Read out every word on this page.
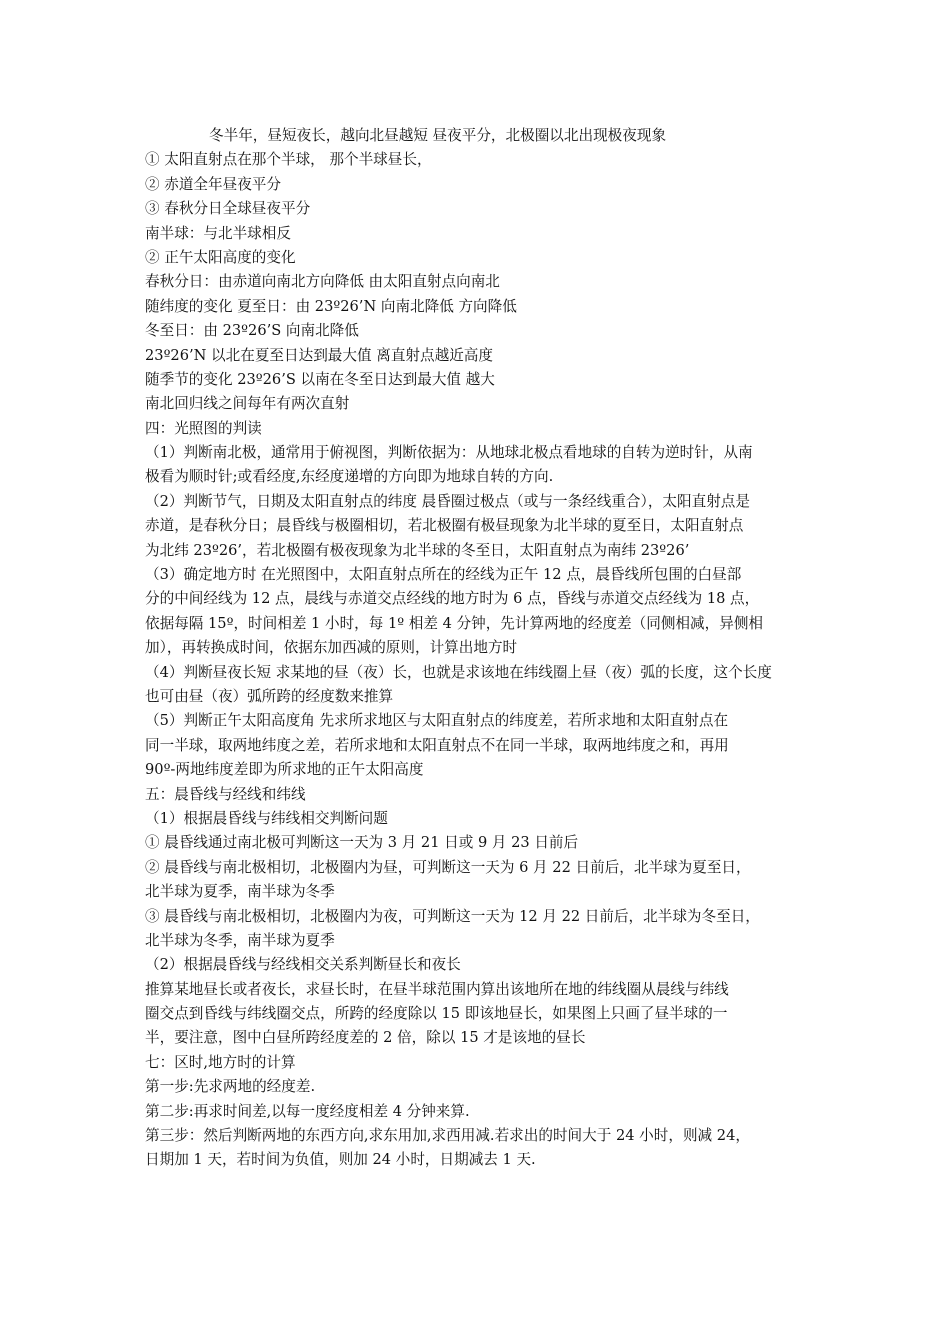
冬半年，昼短夜长，越向北昼越短 昼夜平分，北极圈以北出现极夜现象
① 太阳直射点在那个半球， 那个半球昼长，
② 赤道全年昼夜平分
③ 春秋分日全球昼夜平分
南半球：与北半球相反
② 正午太阳高度的变化
春秋分日：由赤道向南北方向降低 由太阳直射点向南北
随纬度的变化 夏至日：由 23º26’N 向南北降低 方向降低
冬至日：由 23º26’S 向南北降低
23º26’N 以北在夏至日达到最大值 离直射点越近高度
随季节的变化 23º26’S 以南在冬至日达到最大值 越大
南北回归线之间每年有两次直射
四：光照图的判读
（1）判断南北极，通常用于俯视图，判断依据为：从地球北极点看地球的自转为逆时针，从南
极看为顺时针;或看经度,东经度递增的方向即为地球自转的方向.
（2）判断节气，日期及太阳直射点的纬度 晨昏圈过极点（或与一条经线重合），太阳直射点是
赤道，是春秋分日；晨昏线与极圈相切，若北极圈有极昼现象为北半球的夏至日，太阳直射点
为北纬 23º26’，若北极圈有极夜现象为北半球的冬至日，太阳直射点为南纬 23º26’
（3）确定地方时 在光照图中，太阳直射点所在的经线为正午 12 点，晨昏线所包围的白昼部
分的中间经线为 12 点，晨线与赤道交点经线的地方时为 6 点，昏线与赤道交点经线为 18 点，
依据每隔 15º，时间相差 1 小时，每 1º 相差 4 分钟，先计算两地的经度差（同侧相减，异侧相
加），再转换成时间，依据东加西减的原则，计算出地方时
（4）判断昼夜长短 求某地的昼（夜）长，也就是求该地在纬线圈上昼（夜）弧的长度，这个长度
也可由昼（夜）弧所跨的经度数来推算
（5）判断正午太阳高度角 先求所求地区与太阳直射点的纬度差，若所求地和太阳直射点在
同一半球，取两地纬度之差，若所求地和太阳直射点不在同一半球，取两地纬度之和，再用
90º-两地纬度差即为所求地的正午太阳高度
五：晨昏线与经线和纬线
（1）根据晨昏线与纬线相交判断问题
① 晨昏线通过南北极可判断这一天为 3 月 21 日或 9 月 23 日前后
② 晨昏线与南北极相切，北极圈内为昼，可判断这一天为 6 月 22 日前后，北半球为夏至日，
北半球为夏季，南半球为冬季
③ 晨昏线与南北极相切，北极圈内为夜，可判断这一天为 12 月 22 日前后，北半球为冬至日，
北半球为冬季，南半球为夏季
（2）根据晨昏线与经线相交关系判断昼长和夜长
推算某地昼长或者夜长，求昼长时，在昼半球范围内算出该地所在地的纬线圈从晨线与纬线
圈交点到昏线与纬线圈交点，所跨的经度除以 15 即该地昼长，如果图上只画了昼半球的一
半，要注意，图中白昼所跨经度差的 2 倍，除以 15 才是该地的昼长
七：区时,地方时的计算
第一步:先求两地的经度差.
第二步:再求时间差,以每一度经度相差 4 分钟来算.
第三步：然后判断两地的东西方向,求东用加,求西用减.若求出的时间大于 24 小时，则减 24，
日期加 1 天，若时间为负值，则加 24 小时，日期减去 1 天.
